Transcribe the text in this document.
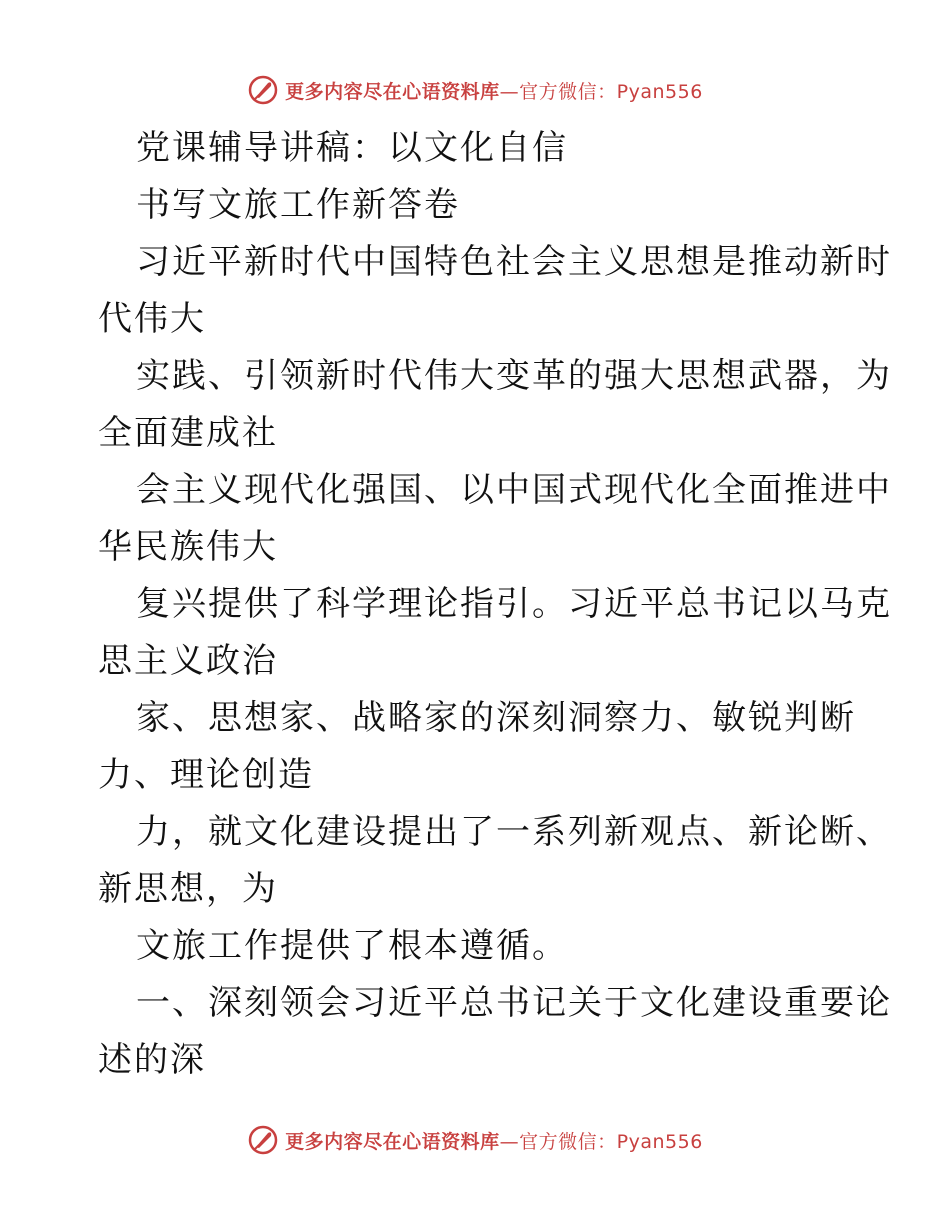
更多内容尽在心语资料库—官方微信：Pyan556
党课辅导讲稿：以文化自信
书写文旅工作新答卷
习近平新时代中国特色社会主义思想是推动新时
代伟大
实践、引领新时代伟大变革的强大思想武器，为
全面建成社
会主义现代化强国、以中国式现代化全面推进中
华民族伟大
复兴提供了科学理论指引。习近平总书记以马克
思主义政治
家、思想家、战略家的深刻洞察力、敏锐判断
力、理论创造
力，就文化建设提出了一系列新观点、新论断、
新思想，为
文旅工作提供了根本遵循。
一、深刻领会习近平总书记关于文化建设重要论
述的深
更多内容尽在心语资料库—官方微信：Pyan556
